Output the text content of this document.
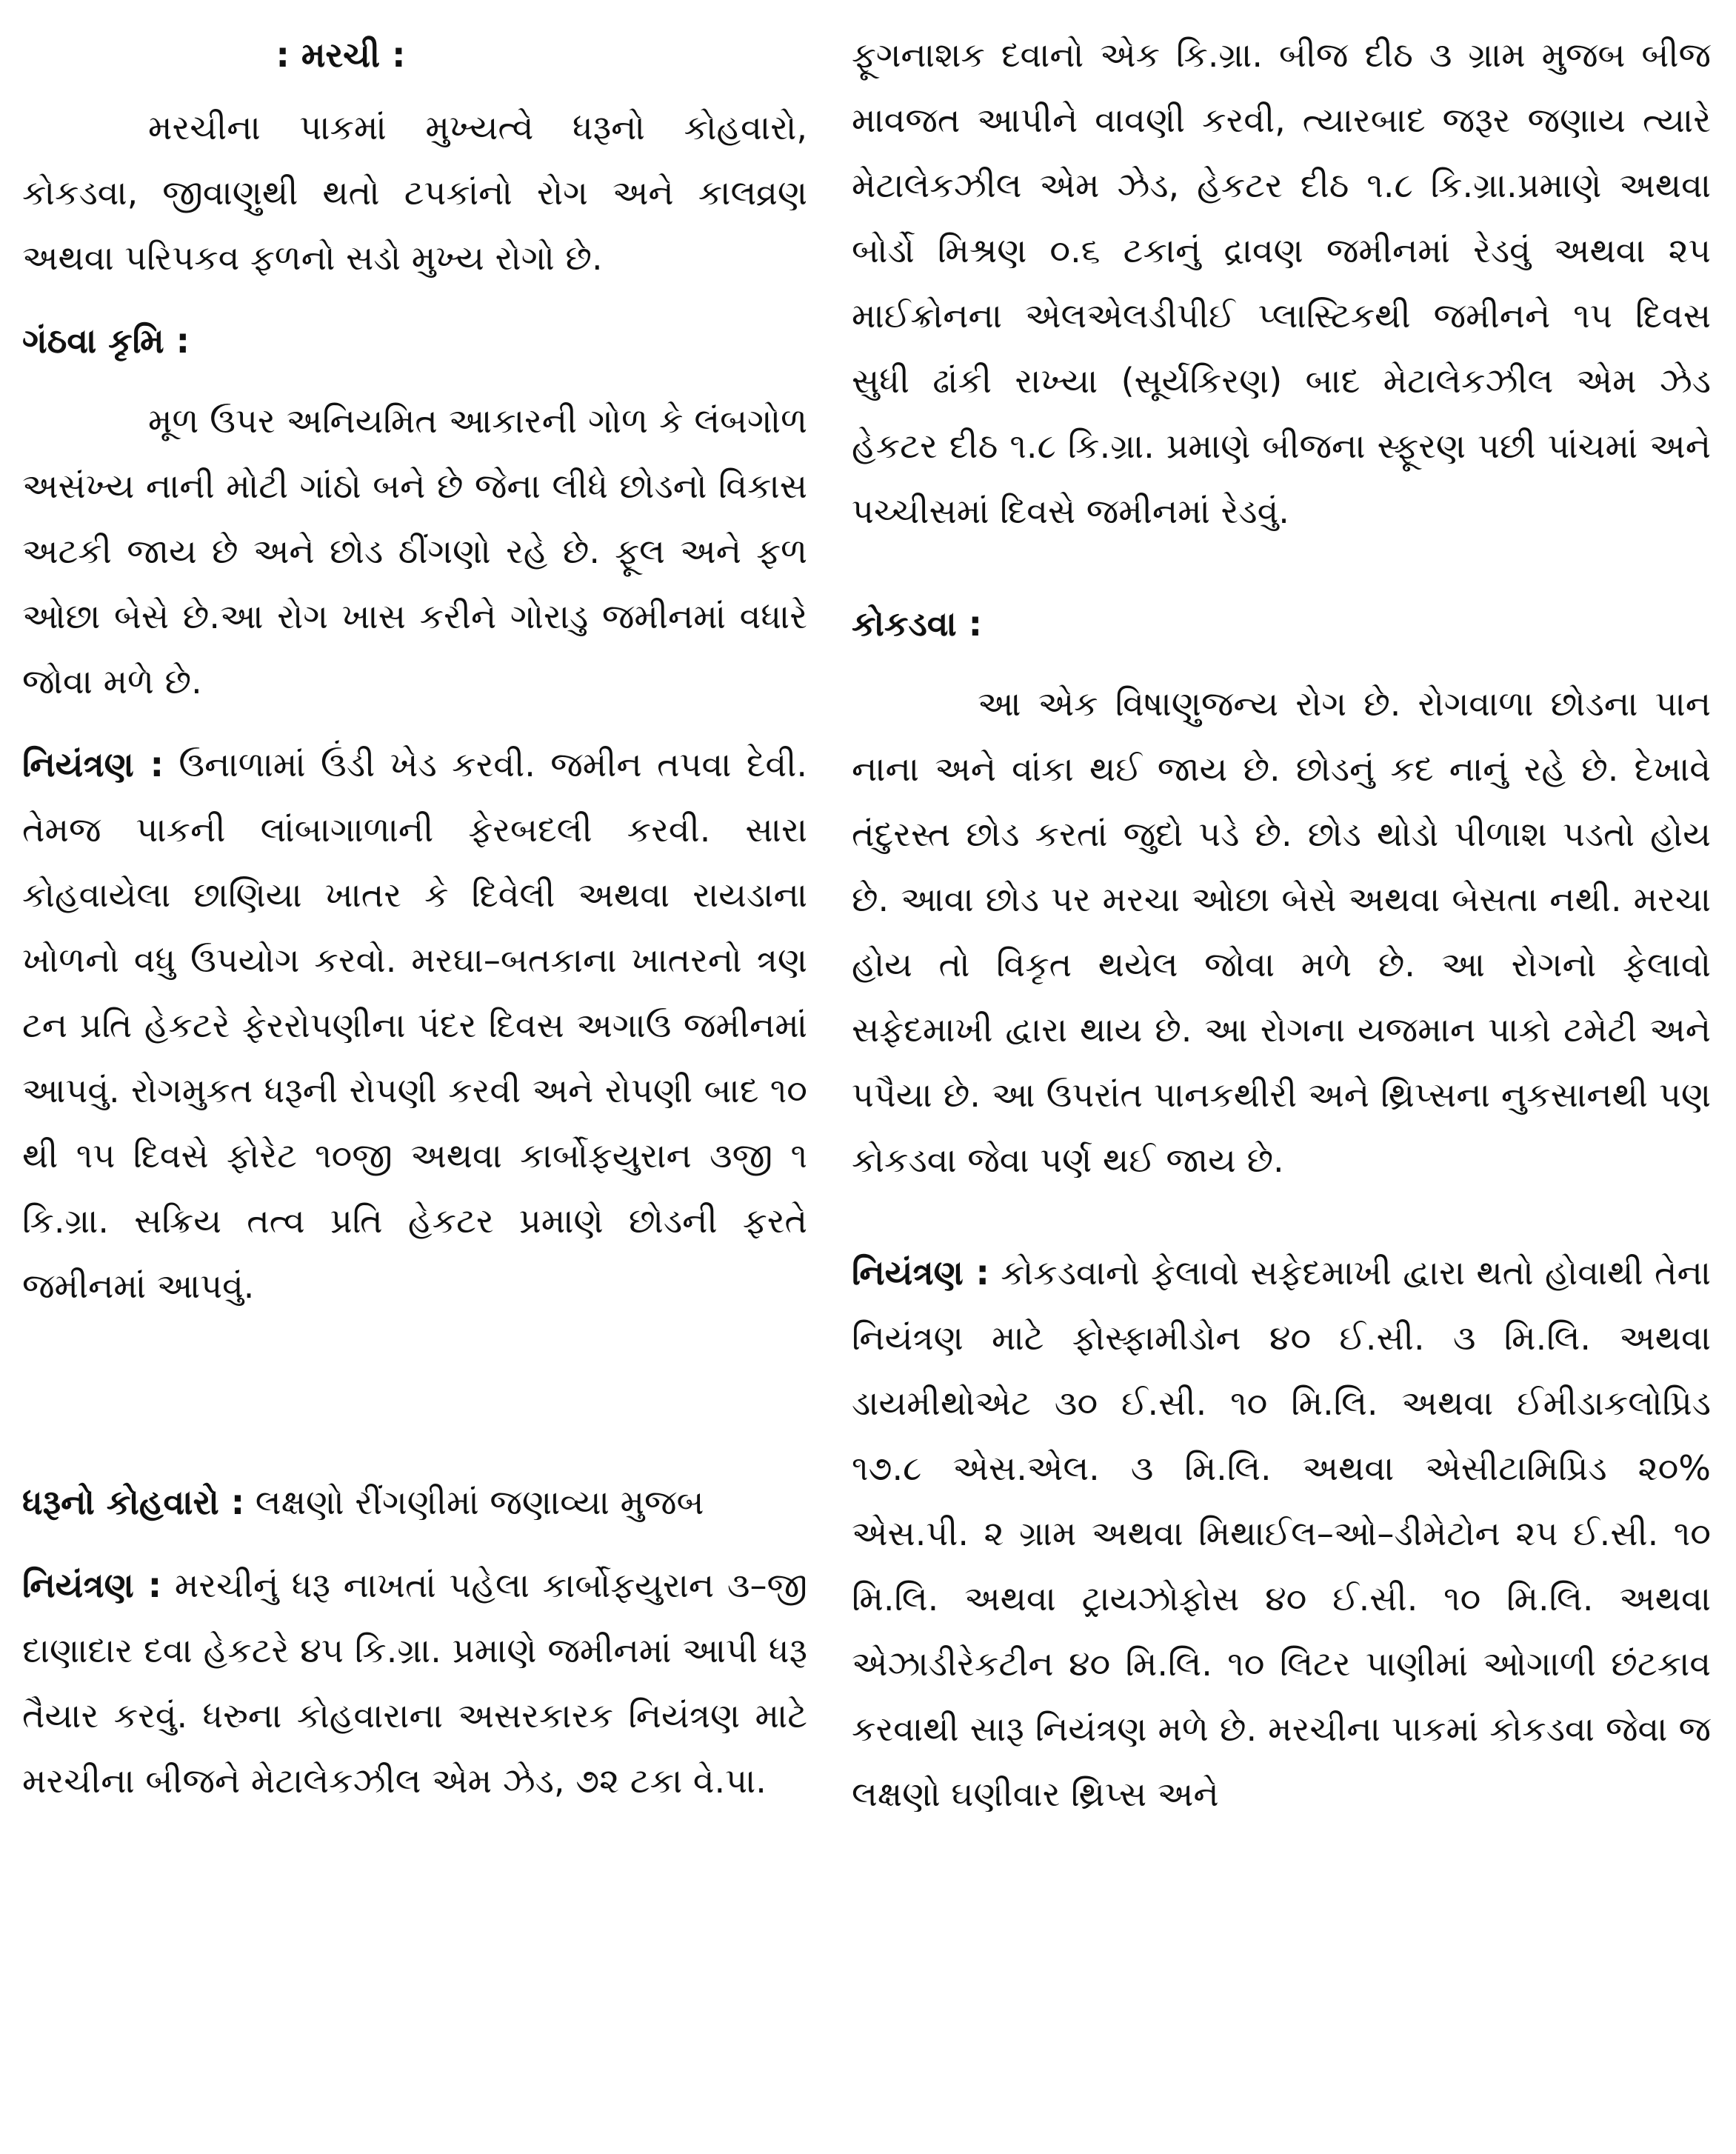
: મરચી :

મરચીના પાકમાં મુખ્યત્વે ધરૂનો કોહવારો, કોકડવા, જીવાણુથી થતો ટપકાંનો રોગ અને કાલવ્રણ અથવા પરિપકવ ફળનો સડો મુખ્ય રોગો છે.

ગંઠવા કૃમિ :

મૂળ ઉપર અનિયમિત આકારની ગોળ કે લંબગોળ અસંખ્ય નાની મોટી ગાંઠો બને છે જેના લીધે છોડનો વિકાસ અટકી જાય છે અને છોડ ઠીંગણો રહે છે. ફૂલ અને ફળ ઓછા બેસે છે.આ રોગ ખાસ કરીને ગોરાડુ જમીનમાં વધારે જોવા મળે છે.

નિયંત્રણ : ઉનાળામાં ઉંડી ખેડ કરવી. જમીન તપવા દેવી. તેમજ પાકની લાંબાગાળાની ફેરબદલી કરવી. સારા કોહવાયેલા છાણિયા ખાતર કે દિવેલી અથવા રાયડાના ખોળનો વધુ ઉપયોગ કરવો. મરઘા–બતકાના ખાતરનો ત્રણ ટન પ્રતિ હેકટરે ફેરરોપણીના પંદર દિવસ અગાઉ જમીનમાં આપવું. રોગમુકત ધરૂની રોપણી કરવી અને રોપણી બાદ ૧૦ થી ૧૫ દિવસે ફોરેટ ૧૦જી અથવા કાર્બોફયુરાન ૩જી ૧ કિ.ગ્રા. સક્રિય તત્વ પ્રતિ હેકટર પ્રમાણે છોડની ફરતે જમીનમાં આપવું.

ધરૂનો કોહવારો : લક્ષણો રીંગણીમાં જણાવ્યા મુજબ

નિયંત્રણ : મરચીનું ધરૂ નાખતાં પહેલા કાર્બોફયુરાન ૩–જી દાણાદાર દવા હેકટરે ૪૫ કિ.ગ્રા. પ્રમાણે જમીનમાં આપી ધરૂ તૈયાર કરવું. ધરુના કોહવારાના અસરકારક નિયંત્રણ માટે મરચીના બીજને મેટાલેકઝીલ એમ ઝેડ, ૭૨ ટકા વે.પા.

ફૂગનાશક દવાનો એક કિ.ગ્રા. બીજ દીઠ ૩ ગ્રામ મુજબ બીજ માવજત આપીને વાવણી કરવી, ત્યારબાદ જરૂર જણાય ત્યારે મેટાલેકઝીલ એમ ઝેડ, હેકટર દીઠ ૧.૮ કિ.ગ્રા.પ્રમાણે અથવા બોર્ડો મિશ્રણ ૦.૬ ટકાનું દ્રાવણ જમીનમાં રેડવું અથવા ૨૫ માઈક્રોનના એલએલડીપીઈ પ્લાસ્ટિકથી જમીનને ૧૫ દિવસ સુધી ઢાંકી રાખ્યા (સૂર્યકિરણ) બાદ મેટાલેકઝીલ એમ ઝેડ હેકટર દીઠ ૧.૮ કિ.ગ્રા. પ્રમાણે બીજના સ્ફૂરણ પછી પાંચમાં અને પચ્ચીસમાં દિવસે જમીનમાં રેડવું.

કોકડવા :

આ એક વિષાણુજન્ય રોગ છે. રોગવાળા છોડના પાન નાના અને વાંકા થઈ જાય છે. છોડનું કદ નાનું રહે છે. દેખાવે તંદુરસ્ત છોડ કરતાં જુદો પડે છે. છોડ થોડો પીળાશ પડતો હોય છે. આવા છોડ પર મરચા ઓછા બેસે અથવા બેસતા નથી. મરચા હોય તો વિકૃત થયેલ જોવા મળે છે. આ રોગનો ફેલાવો સફેદમાખી દ્વારા થાય છે. આ રોગના યજમાન પાકો ટમેટી અને પપૈયા છે. આ ઉપરાંત પાનકથીરી અને થ્રિપ્સના નુકસાનથી પણ કોકડવા જેવા પર્ણ થઈ જાય છે.

નિયંત્રણ : કોકડવાનો ફેલાવો સફેદમાખી દ્વારા થતો હોવાથી તેના નિયંત્રણ માટે ફોસ્ફામીડોન ૪૦ ઈ.સી. ૩ મિ.લિ. અથવા ડાયમીથોએટ ૩૦ ઈ.સી. ૧૦ મિ.લિ. અથવા ઈમીડાકલોપ્રિડ ૧૭.૮ એસ.એલ. ૩ મિ.લિ. અથવા એસીટામિપ્રિડ ૨૦% એસ.પી. ૨ ગ્રામ અથવા મિથાઈલ–ઓ–ડીમેટોન ૨૫ ઈ.સી. ૧૦ મિ.લિ. અથવા ટ્રાયઝોફોસ ૪૦ ઈ.સી. ૧૦ મિ.લિ. અથવા એઝાડીરેકટીન ૪૦ મિ.લિ. ૧૦ લિટર પાણીમાં ઓગાળી છંટકાવ કરવાથી સારૂ નિયંત્રણ મળે છે. મરચીના પાકમાં કોકડવા જેવા જ લક્ષણો ઘણીવાર થ્રિપ્સ અને
